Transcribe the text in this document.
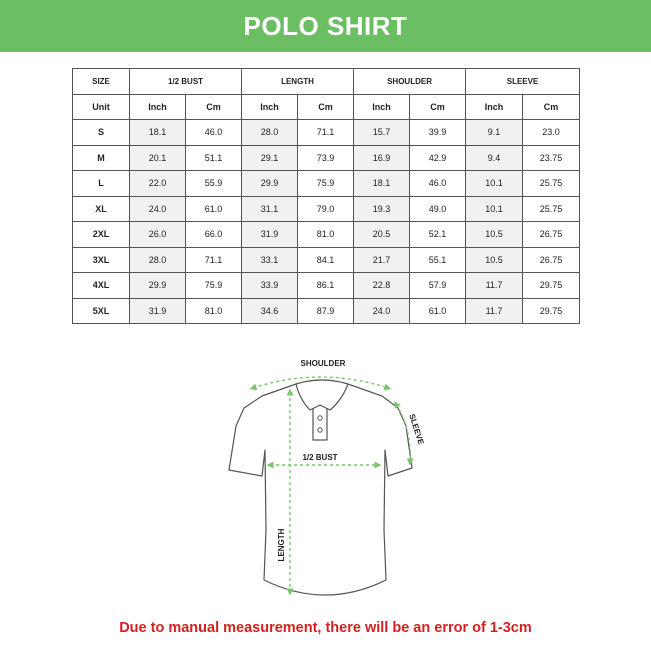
POLO SHIRT
SIZE	1/2 BUST		LENGTH		SHOULDER		SLEEVE	
Unit	Inch	Cm	Inch	Cm	Inch	Cm	Inch	Cm
S	18.1	46.0	28.0	71.1	15.7	39.9	9.1	23.0
M	20.1	51.1	29.1	73.9	16.9	42.9	9.4	23.75
L	22.0	55.9	29.9	75.9	18.1	46.0	10.1	25.75
XL	24.0	61.0	31.1	79.0	19.3	49.0	10.1	25.75
2XL	26.0	66.0	31.9	81.0	20.5	52.1	10.5	26.75
3XL	28.0	71.1	33.1	84.1	21.7	55.1	10.5	26.75
4XL	29.9	75.9	33.9	86.1	22.8	57.9	11.7	29.75
5XL	31.9	81.0	34.6	87.9	24.0	61.0	11.7	29.75
SHOULDER
SLEEVE
1/2 BUST
LENGTH
Due to manual measurement, there will be an error of 1-3cm
